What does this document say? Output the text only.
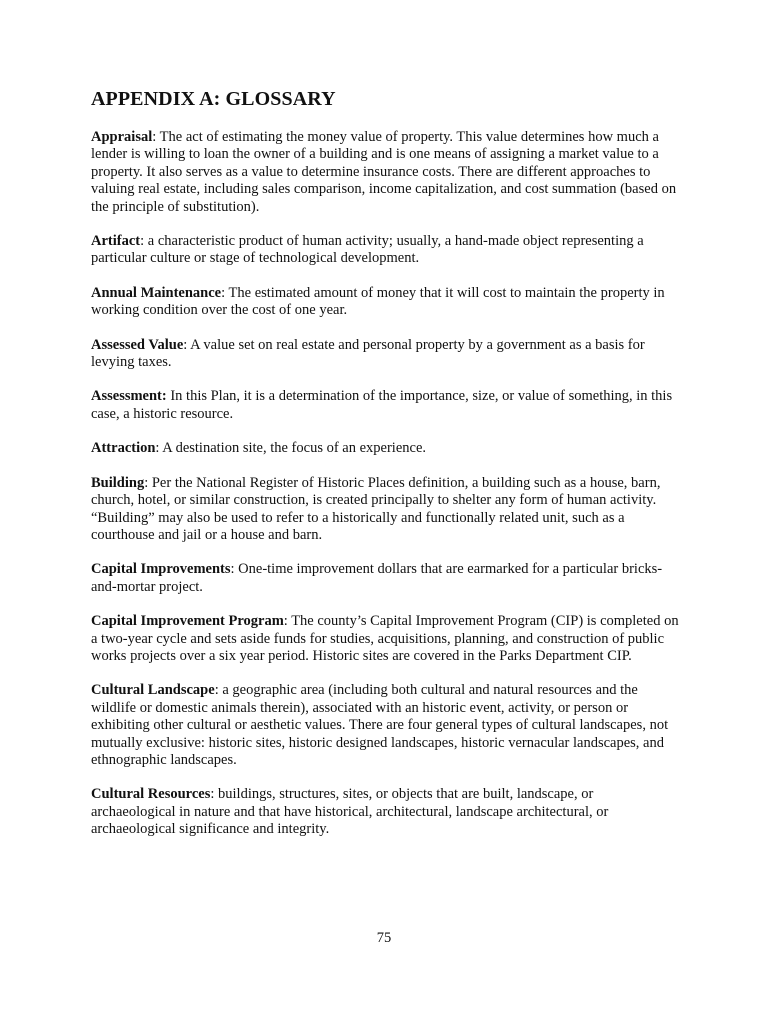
APPENDIX A: GLOSSARY

Appraisal: The act of estimating the money value of property. This value determines how much a lender is willing to loan the owner of a building and is one means of assigning a market value to a property. It also serves as a value to determine insurance costs. There are different approaches to valuing real estate, including sales comparison, income capitalization, and cost summation (based on the principle of substitution).

Artifact: a characteristic product of human activity; usually, a hand-made object representing a particular culture or stage of technological development.

Annual Maintenance: The estimated amount of money that it will cost to maintain the property in working condition over the cost of one year.

Assessed Value: A value set on real estate and personal property by a government as a basis for levying taxes.

Assessment: In this Plan, it is a determination of the importance, size, or value of something, in this case, a historic resource.

Attraction: A destination site, the focus of an experience.

Building: Per the National Register of Historic Places definition, a building such as a house, barn, church, hotel, or similar construction, is created principally to shelter any form of human activity. “Building” may also be used to refer to a historically and functionally related unit, such as a courthouse and jail or a house and barn.

Capital Improvements: One-time improvement dollars that are earmarked for a particular bricks-and-mortar project.

Capital Improvement Program: The county’s Capital Improvement Program (CIP) is completed on a two-year cycle and sets aside funds for studies, acquisitions, planning, and construction of public works projects over a six year period. Historic sites are covered in the Parks Department CIP.

Cultural Landscape: a geographic area (including both cultural and natural resources and the wildlife or domestic animals therein), associated with an historic event, activity, or person or exhibiting other cultural or aesthetic values. There are four general types of cultural landscapes, not mutually exclusive: historic sites, historic designed landscapes, historic vernacular landscapes, and ethnographic landscapes.

Cultural Resources: buildings, structures, sites, or objects that are built, landscape, or archaeological in nature and that have historical, architectural, landscape architectural, or archaeological significance and integrity.

75
